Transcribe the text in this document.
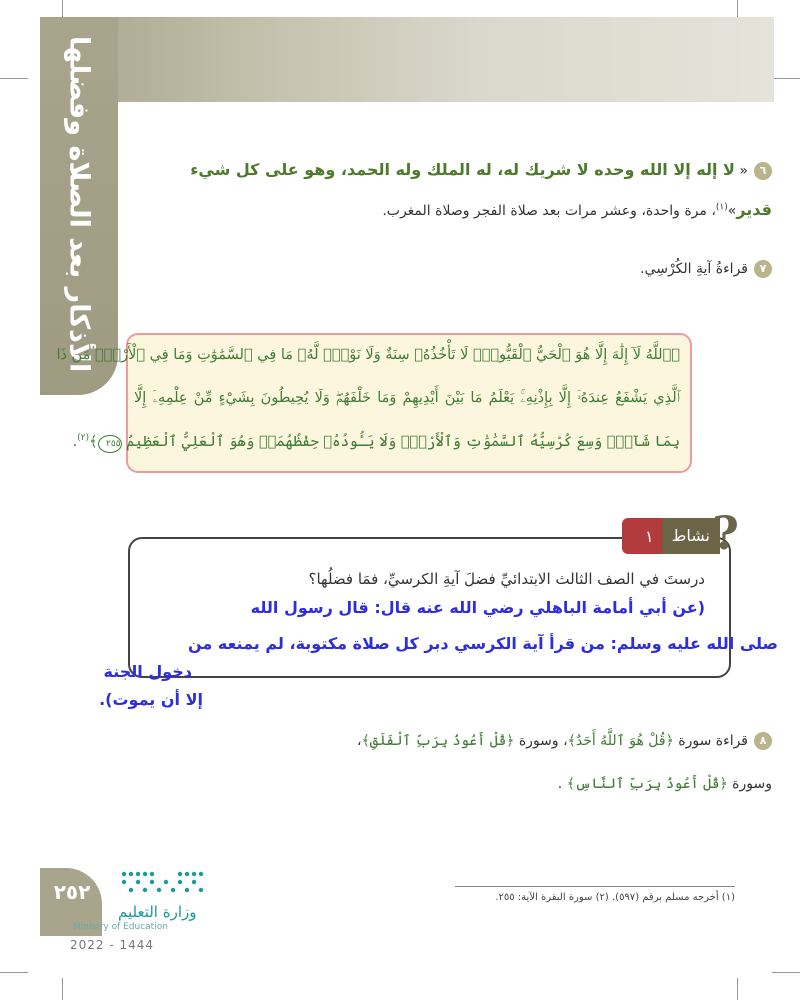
الأذكار بعد الصلاة وفضلها	٦« لا إله إلا الله وحده لا شريك له، له الملك وله الحمد، وهو على كل شيء
قدير»$^{(١)}$، مرة واحدة، وعشر مرات بعد صلاة الفجر وصلاة المغرب.
٧قراءةُ آيةِ الكُرْسِي.
﴿ٱللَّهُ لَآ إِلَٰهَ إِلَّا هُوَ ٱلْحَيُّ ٱلْقَيُّومُۚ لَا تَأْخُذُهُۥ سِنَةٌ وَلَا نَوْمٌۚ لَّهُۥ مَا فِي ٱلسَّمَٰوَٰتِ وَمَا فِي ٱلْأَرْضِۗ مَن ذَا
ٱلَّذِي يَشْفَعُ عِندَهُۥٓ إِلَّا بِإِذْنِهِۦۚ يَعْلَمُ مَا بَيْنَ أَيْدِيهِمْ وَمَا خَلْفَهُمْۖ وَلَا يُحِيطُونَ بِشَيْءٍ مِّنْ عِلْمِهِۦٓ إِلَّا
بِمَا شَآءَۚ وَسِعَ كُرْسِيُّهُ ٱلسَّمَٰوَٰتِ وَٱلْأَرْضَۖ وَلَا يَـُٔودُهُۥ حِفْظُهُمَاۚ وَهُوَ ٱلْعَلِيُّ ٱلْعَظِيمُ ٢٥٥﴾$^{(٢)}$.
نشاط
١ ?
درستَ في الصف الثالث الابتدائيِّ فضلَ آيةِ الكرسيِّ، فمَا فضلُها؟
(عن أبي أمامة الباهلي رضي الله عنه قال: قال رسول الله
صلى الله عليه وسلم: من قرأ آية الكرسي دبر كل صلاة مكتوبة، لم يمنعه من
دخول الجنة
إلا أن يموت).
٨قراءة سورة ﴿قُلْ هُوَ ٱللَّهُ أَحَدٌ﴾، وسورة ﴿قُلْ أَعُوذُ بِرَبِّ ٱلْفَلَقِ﴾،
وسورة ﴿قُلْ أَعُوذُ بِرَبِّ ٱلنَّاسِ﴾ .
(١) أخرجه مسلم برقم (٥٩٧). (٢) سورة البقرة الآية: ٢٥٥.
٢٥٢
وزارة التعليم
Ministry of Education
2022 - 1444
